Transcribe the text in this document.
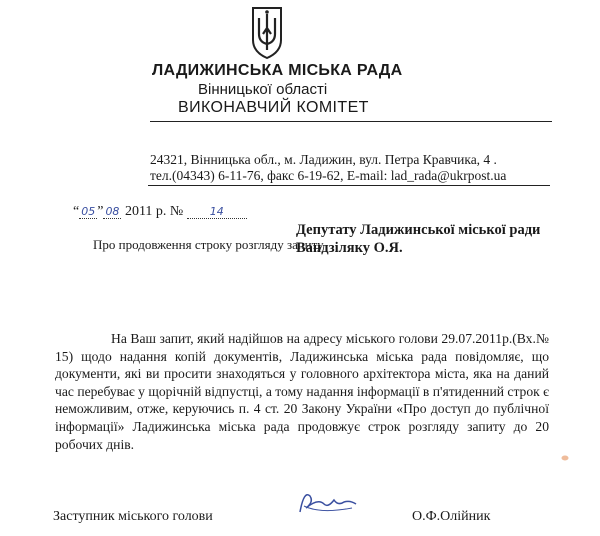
ЛАДИЖИНСЬКА МІСЬКА РАДА
Вінницької області
ВИКОНАВЧИЙ КОМІТЕТ
24321, Вінницька обл., м. Ладижин, вул. Петра Кравчика, 4 .
тел.(04343) 6-11-76, факс 6-19-62, E-mail: lad_rada@ukrpost.ua
“ 05 ” 08 2011 р. № 14
Про продовження строку розгляду запиту
Депутату Ладижинської міської ради
Вандзіляку О.Я.

На Ваш запит, який надійшов на адресу міського голови 29.07.2011р.(Вх.№ 15) щодо надання копій документів, Ладижинська міська рада повідомляє, що документи, які ви просити знаходяться у головного архітектора міста, яка на даний час перебуває у щорічній відпустці, а тому надання інформації в п'ятиденний строк є неможливим, отже, керуючись п. 4 ст. 20 Закону України «Про доступ до публічної інформації» Ладижинська міська рада продовжує строк розгляду запиту до 20 робочих днів.

Заступник міського голови	О.Ф.Олійник
